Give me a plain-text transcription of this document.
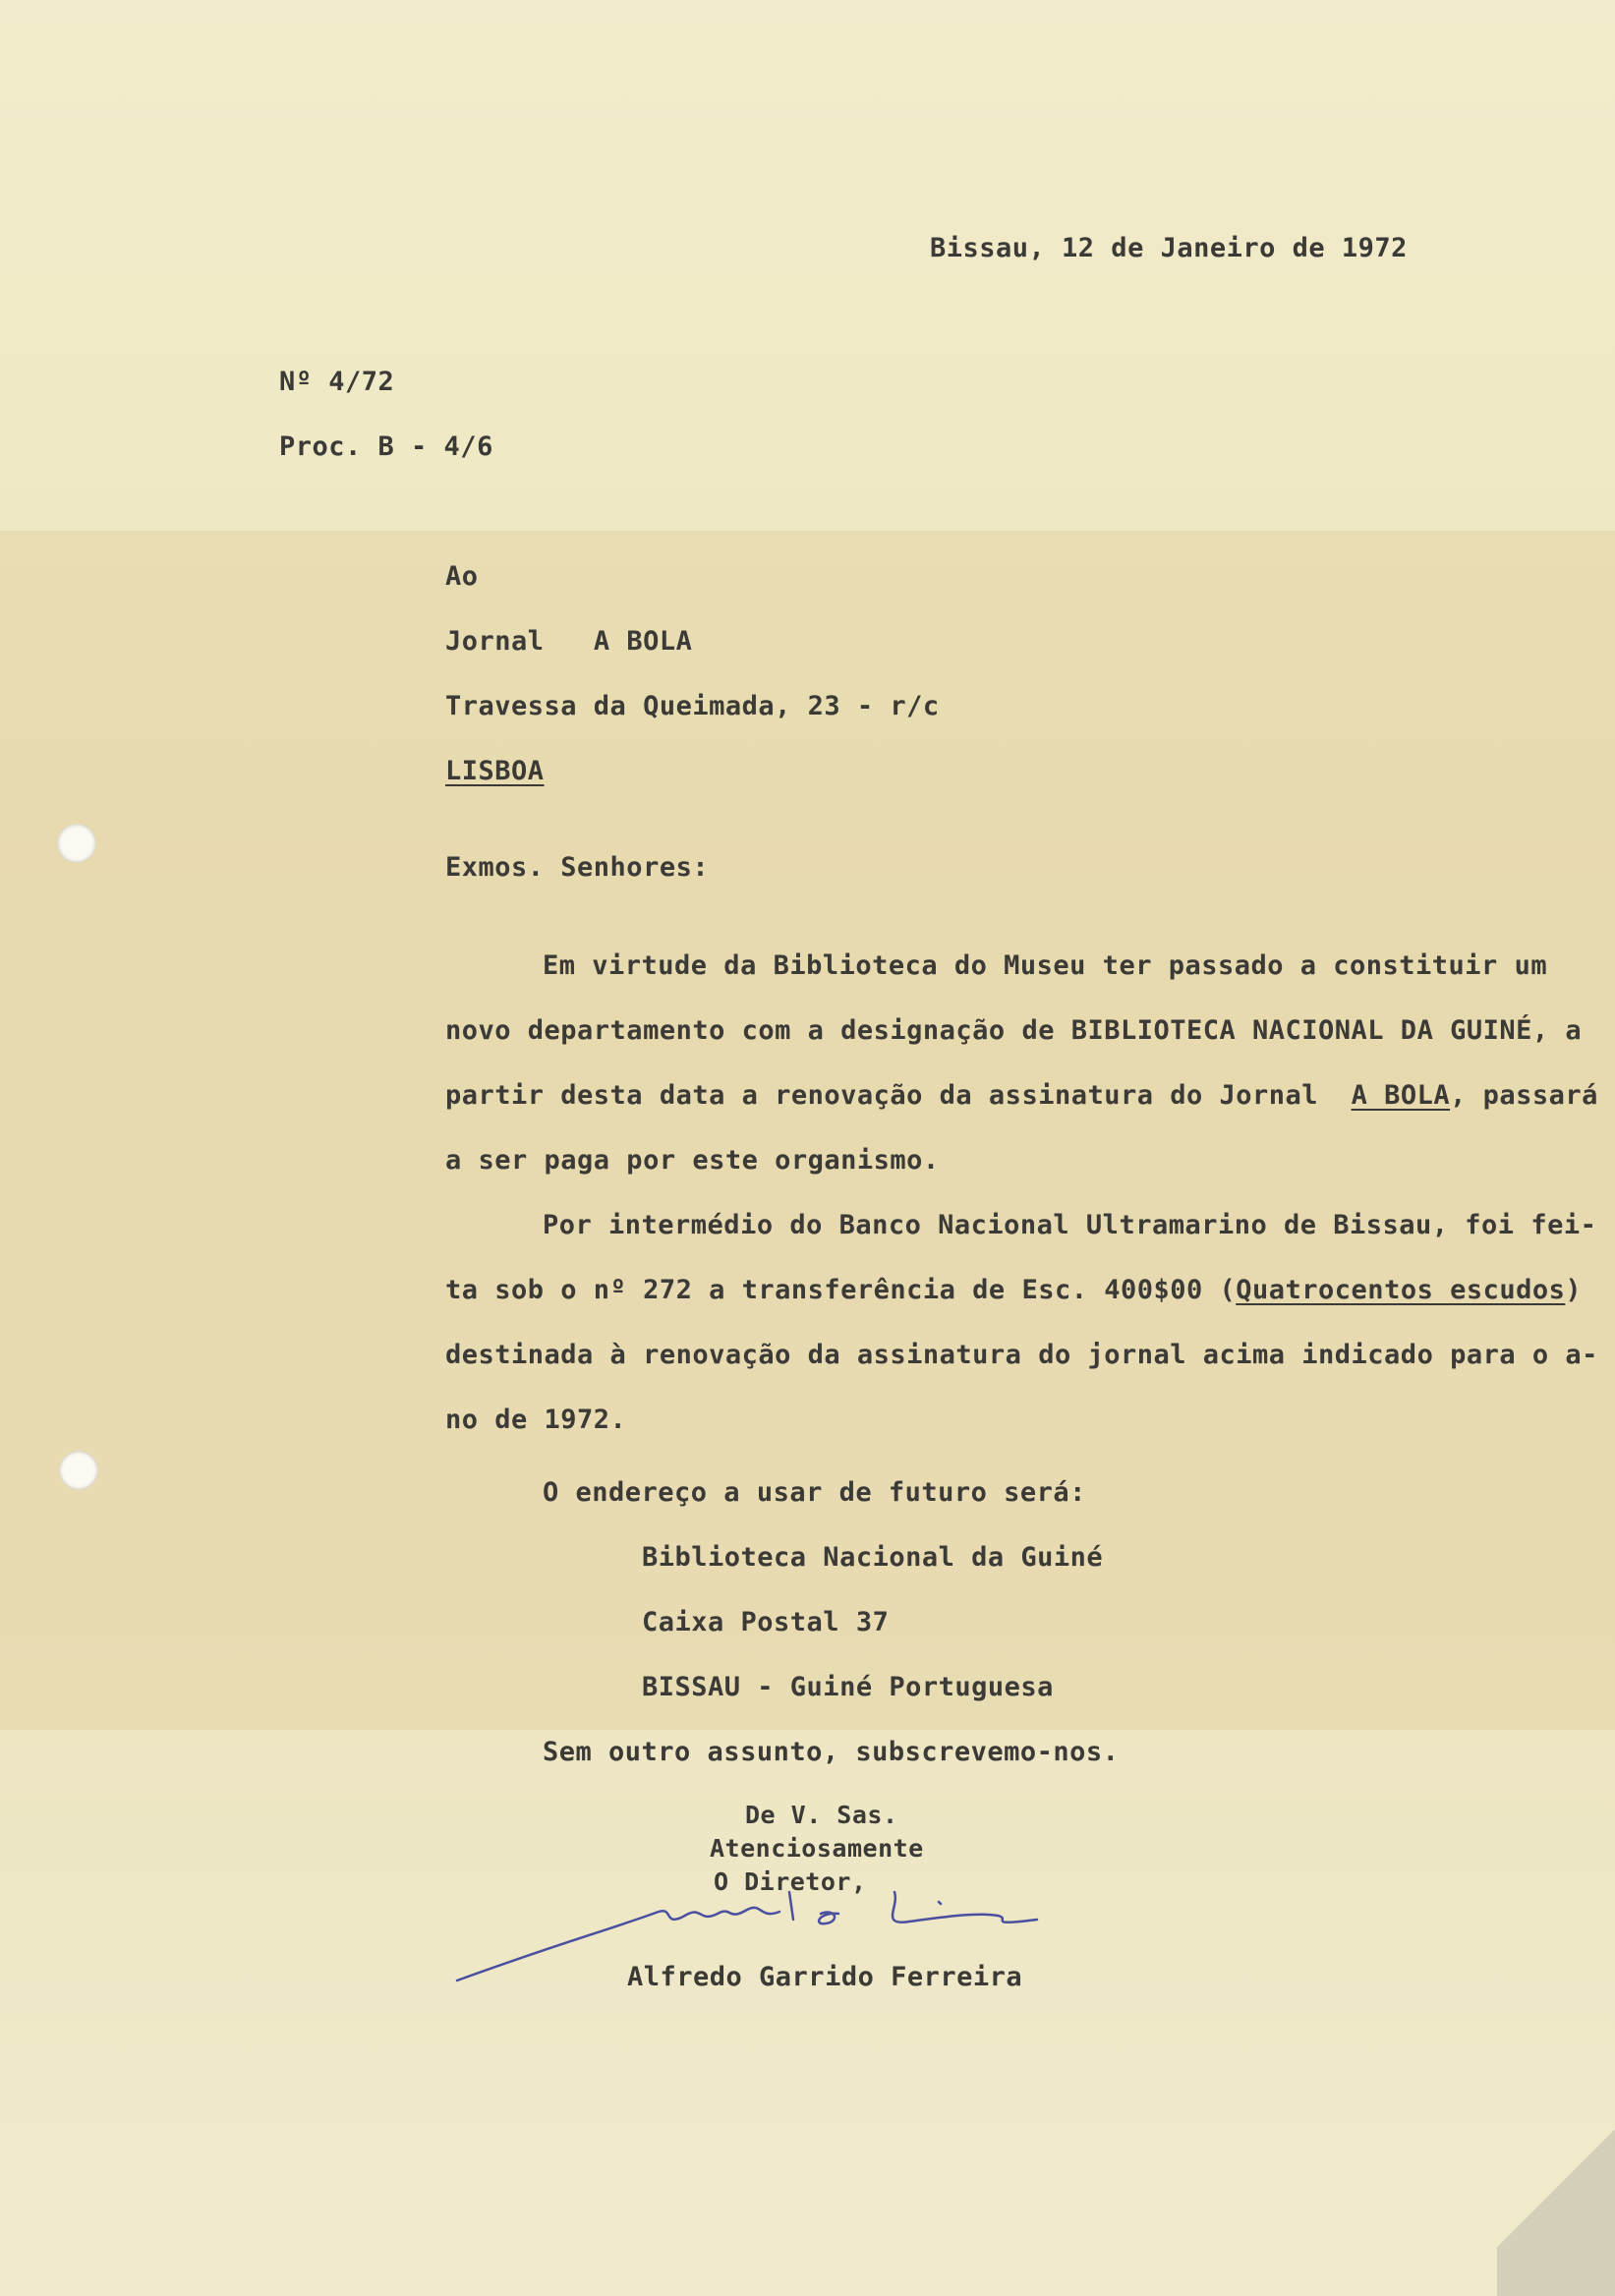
Bissau, 12 de Janeiro de 1972

Nº 4/72

Proc. B - 4/6

Ao

Jornal A BOLA

Travessa da Queimada, 23 - r/c

LISBOA

Exmos. Senhores:

Em virtude da Biblioteca do Museu ter passado a constituir um

novo departamento com a designação de BIBLIOTECA NACIONAL DA GUINÉ, a

partir desta data a renovação da assinatura do Jornal A BOLA, passará

a ser paga por este organismo.

Por intermédio do Banco Nacional Ultramarino de Bissau, foi fei-

ta sob o nº 272 a transferência de Esc. 400$00 (Quatrocentos escudos)

destinada à renovação da assinatura do jornal acima indicado para o a-

no de 1972.

O endereço a usar de futuro será:

Biblioteca Nacional da Guiné

Caixa Postal 37

BISSAU - Guiné Portuguesa

Sem outro assunto, subscrevemo-nos.

De V. Sas.

Atenciosamente

O Diretor,

Alfredo Garrido Ferreira
